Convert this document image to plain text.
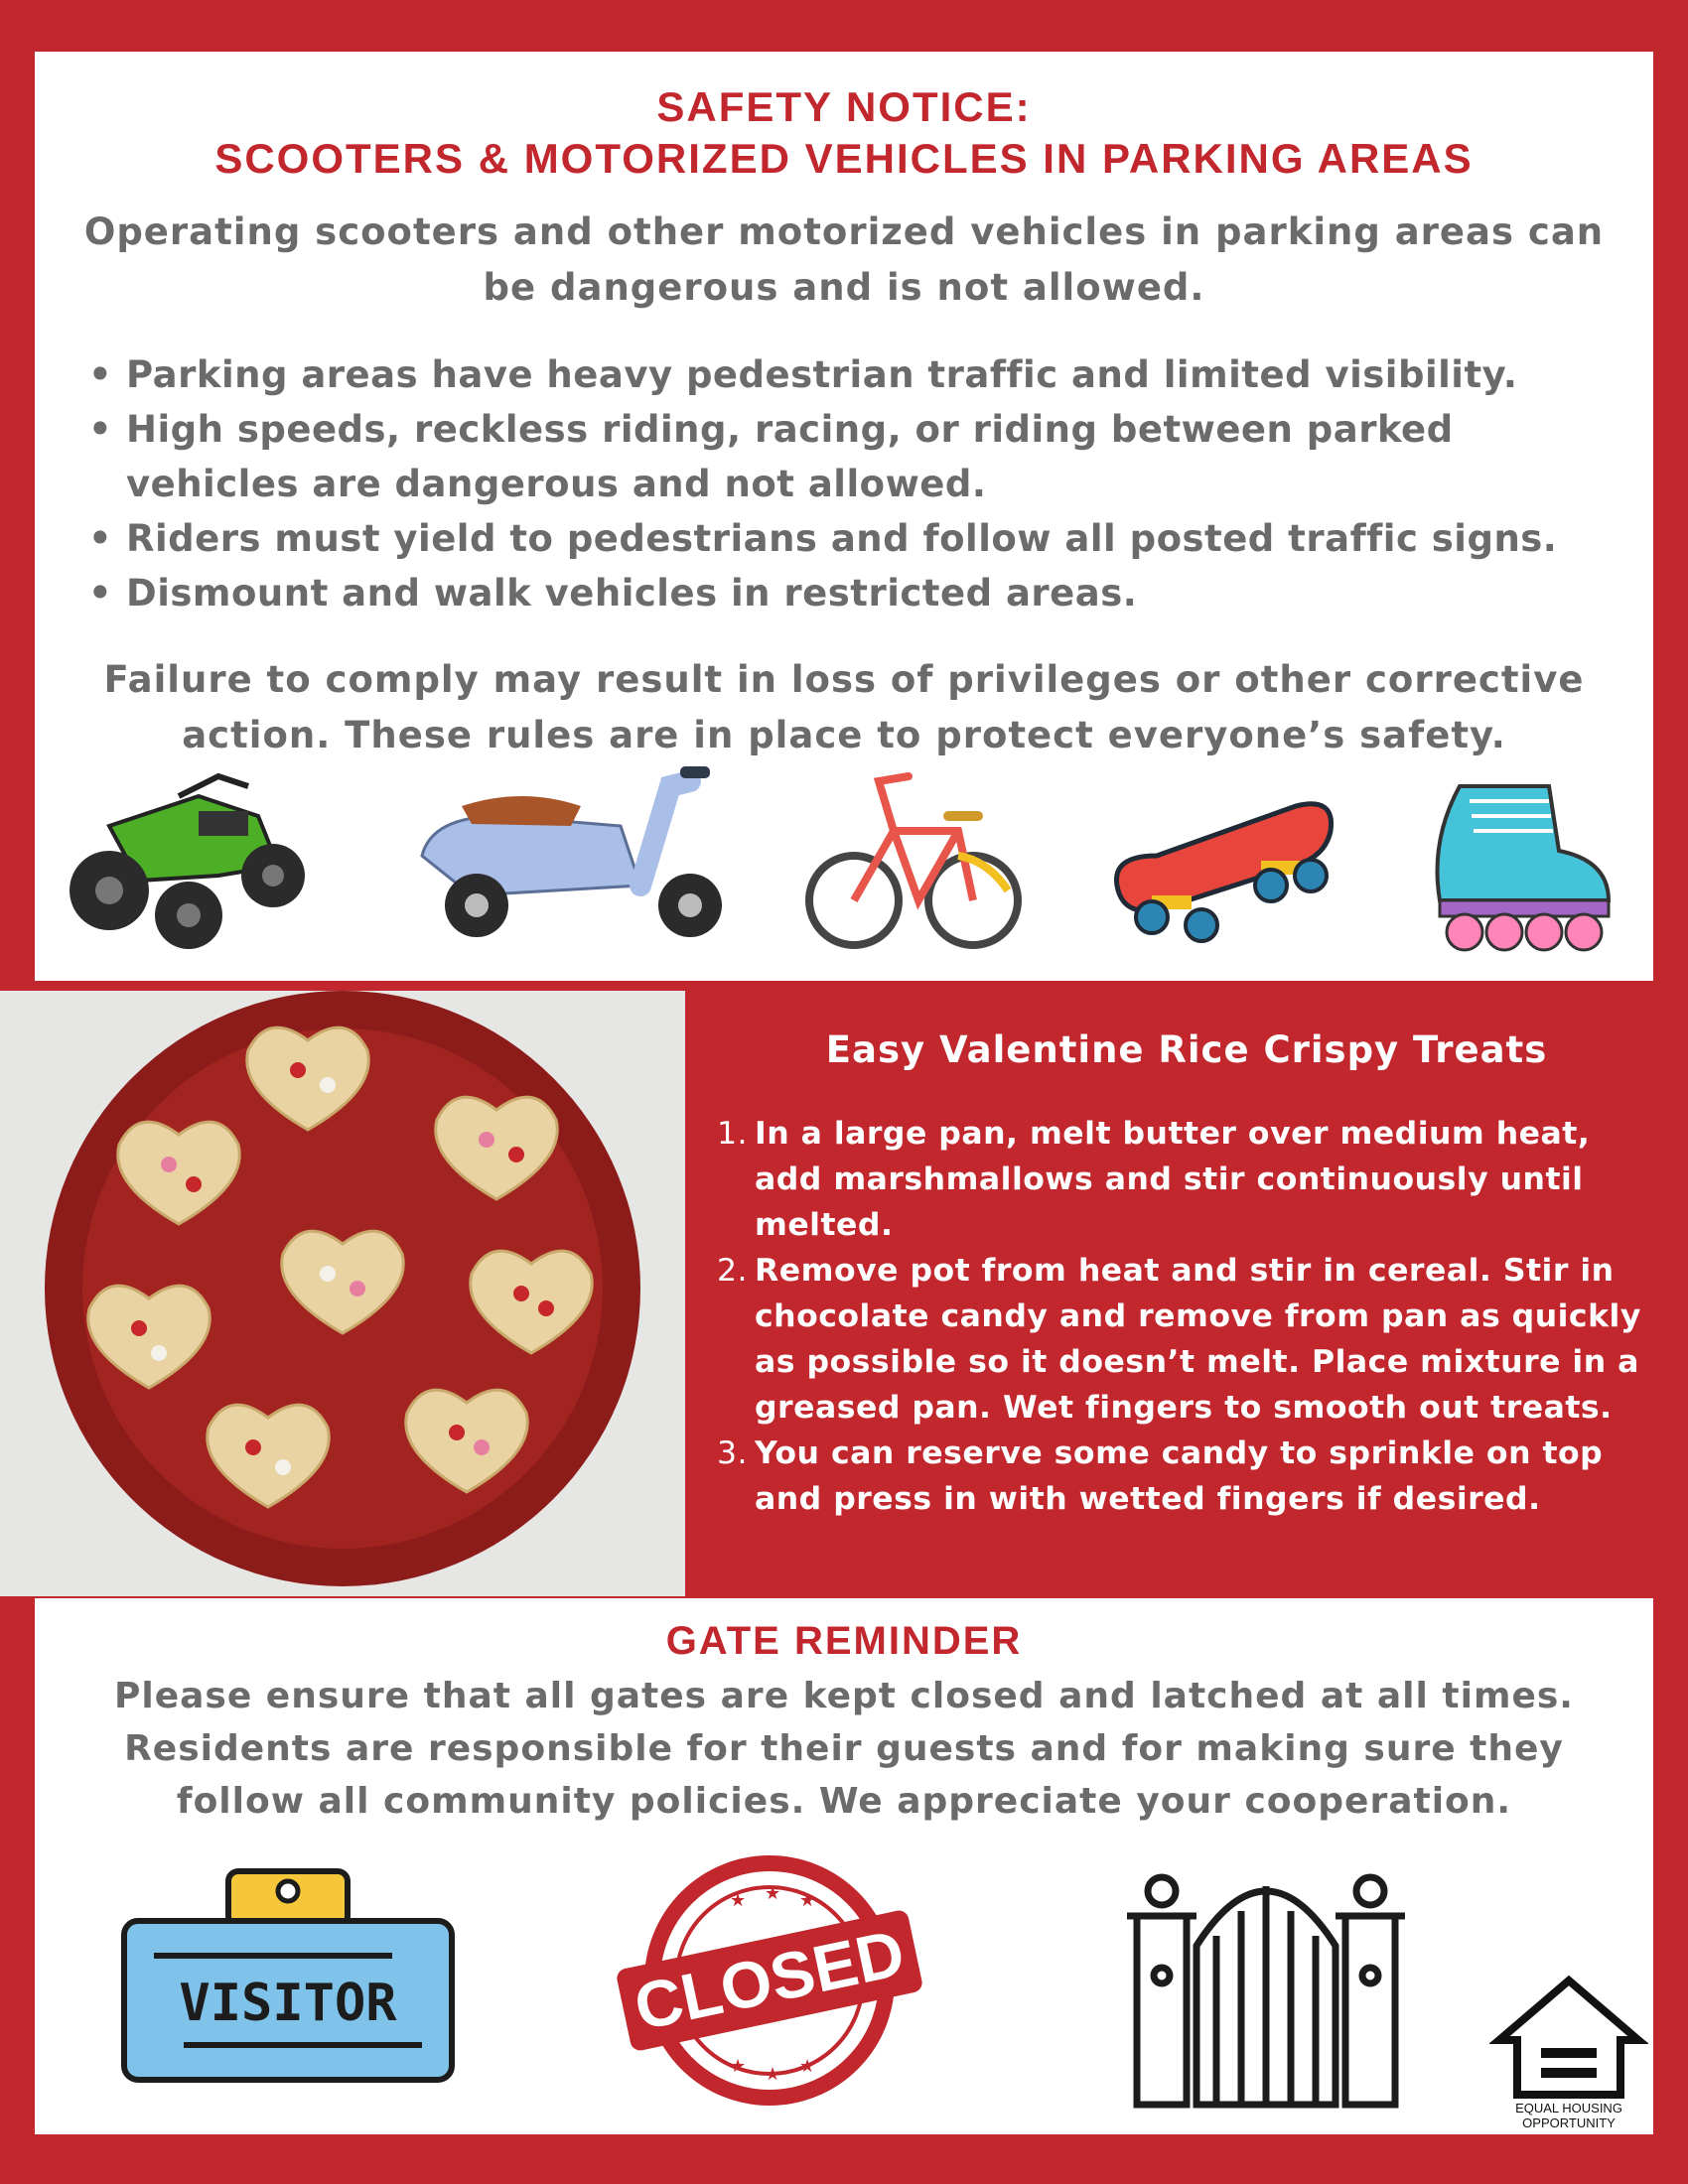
SAFETY NOTICE:
SCOOTERS & MOTORIZED VEHICLES IN PARKING AREAS

Operating scooters and other motorized vehicles in parking areas can be dangerous and is not allowed.

• Parking areas have heavy pedestrian traffic and limited visibility.
• High speeds, reckless riding, racing, or riding between parked vehicles are dangerous and not allowed.
• Riders must yield to pedestrians and follow all posted traffic signs.
• Dismount and walk vehicles in restricted areas.

Failure to comply may result in loss of privileges or other corrective action. These rules are in place to protect everyone’s safety.

Easy Valentine Rice Crispy Treats
1. In a large pan, melt butter over medium heat, add marshmallows and stir continuously until melted.
2. Remove pot from heat and stir in cereal. Stir in chocolate candy and remove from pan as quickly as possible so it doesn’t melt. Place mixture in a greased pan. Wet fingers to smooth out treats.
3. You can reserve some candy to sprinkle on top and press in with wetted fingers if desired.
GATE REMINDER

Please ensure that all gates are kept closed and latched at all times. Residents are responsible for their guests and for making sure they follow all community policies. We appreciate your cooperation.

VISITOR	CLOSED
★ ★ ★
★ ★ ★
EQUAL HOUSING
OPPORTUNITY
